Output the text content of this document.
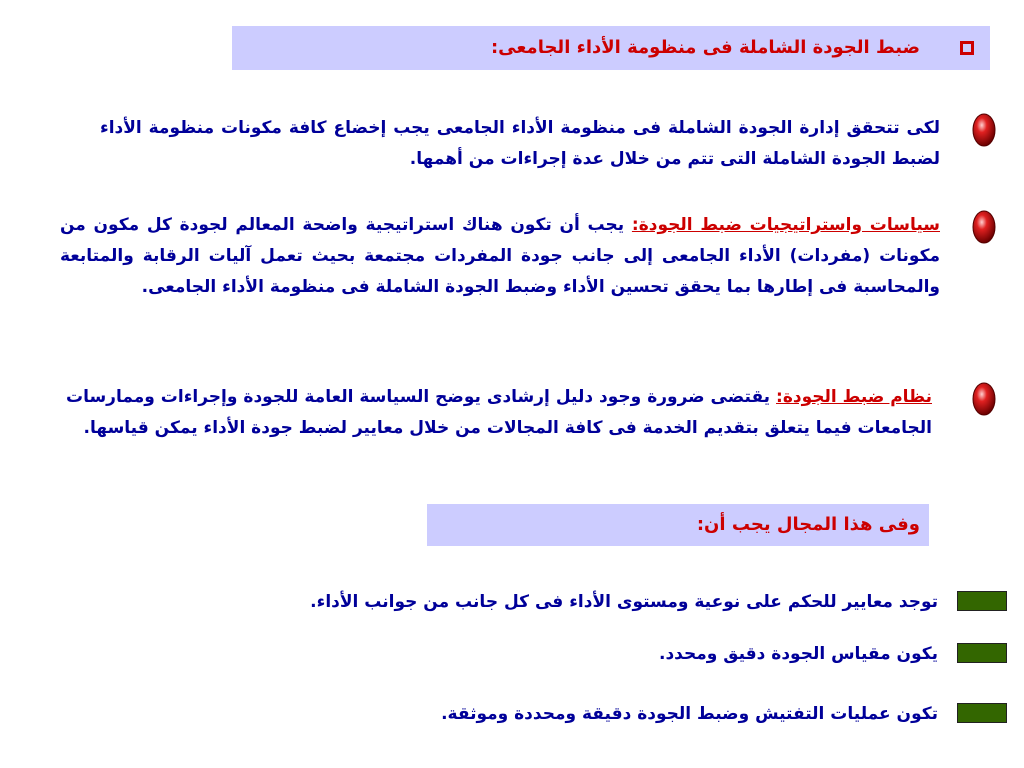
ضبط الجودة الشاملة فى منظومة الأداء الجامعى:
لكى تتحقق إدارة الجودة الشاملة فى منظومة الأداء الجامعى يجب إخضاع كافة مكونات منظومة الأداء لضبط الجودة الشاملة التى تتم من خلال عدة إجراءات من أهمها.
سياسات واستراتيجيات ضبط الجودة: يجب أن تكون هناك استراتيجية واضحة المعالم لجودة كل مكون من مكونات (مفردات) الأداء الجامعى إلى جانب جودة المفردات مجتمعة بحيث تعمل آليات الرقابة والمتابعة والمحاسبة فى إطارها بما يحقق تحسين الأداء وضبط الجودة الشاملة فى منظومة الأداء الجامعى.
نظام ضبط الجودة: يقتضى ضرورة وجود دليل إرشادى يوضح السياسة العامة للجودة وإجراءات وممارسات الجامعات فيما يتعلق بتقديم الخدمة فى كافة المجالات من خلال معايير لضبط جودة الأداء يمكن قياسها.
وفى هذا المجال يجب أن:
توجد معايير للحكم على نوعية ومستوى الأداء فى كل جانب من جوانب الأداء.
يكون مقياس الجودة دقيق ومحدد.
تكون عمليات التفتيش وضبط الجودة دقيقة ومحددة وموثقة.
